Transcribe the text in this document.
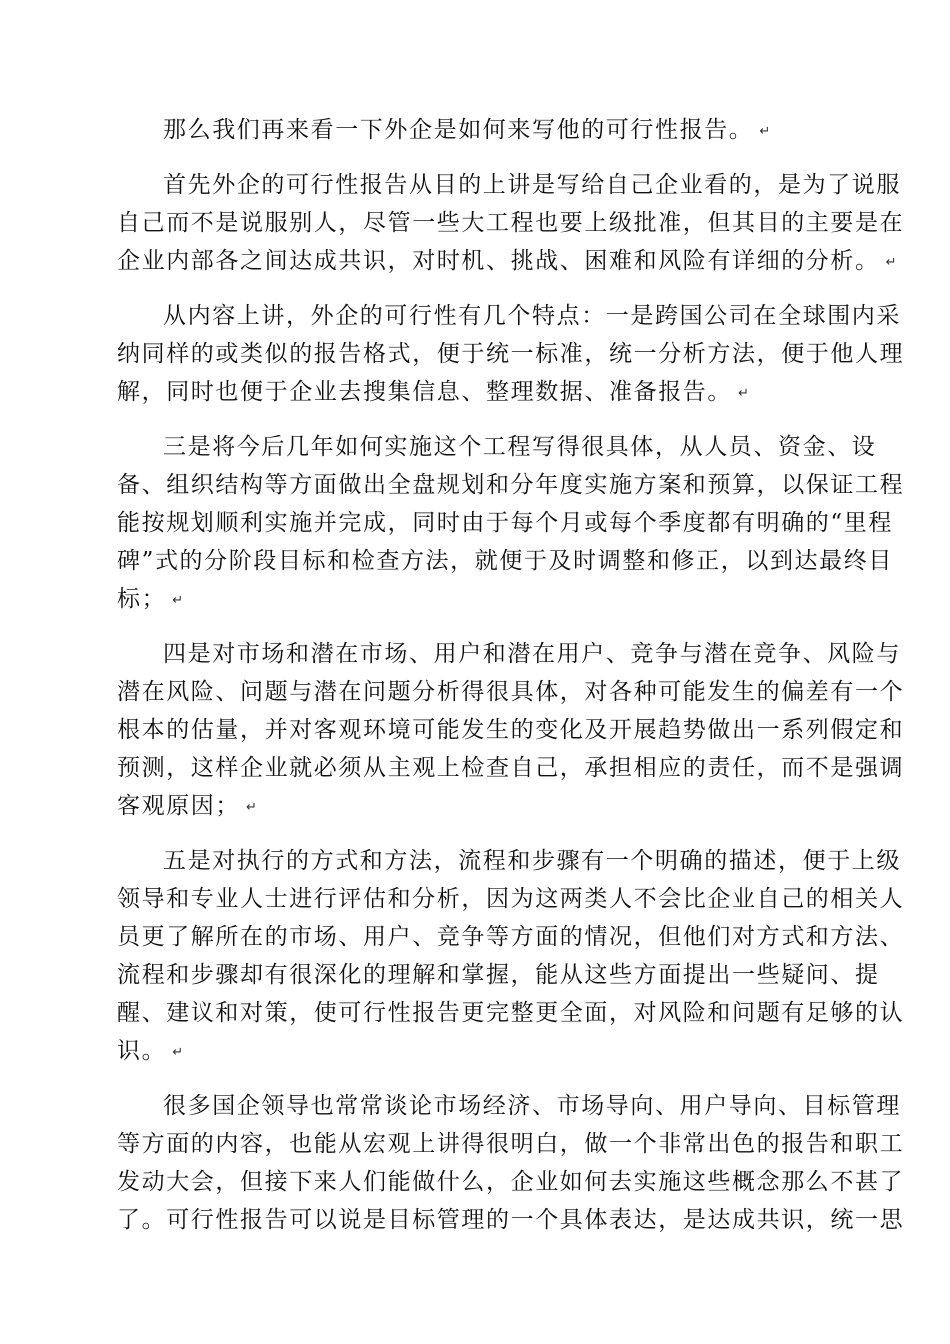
那么我们再来看一下外企是如何来写他的可行性报告。 ↵
首先外企的可行性报告从目的上讲是写给自己企业看的，是为了说服
自己而不是说服别人，尽管一些大工程也要上级批准，但其目的主要是在
企业内部各之间达成共识，对时机、挑战、困难和风险有详细的分析。 ↵
从内容上讲，外企的可行性有几个特点：一是跨国公司在全球围内采
纳同样的或类似的报告格式，便于统一标准，统一分析方法，便于他人理
解，同时也便于企业去搜集信息、整理数据、准备报告。 ↵
三是将今后几年如何实施这个工程写得很具体，从人员、资金、设
备、组织结构等方面做出全盘规划和分年度实施方案和预算，以保证工程
能按规划顺利实施并完成，同时由于每个月或每个季度都有明确的“里程
碑”式的分阶段目标和检查方法，就便于及时调整和修正，以到达最终目
标； ↵
四是对市场和潜在市场、用户和潜在用户、竞争与潜在竞争、风险与
潜在风险、问题与潜在问题分析得很具体，对各种可能发生的偏差有一个
根本的估量，并对客观环境可能发生的变化及开展趋势做出一系列假定和
预测，这样企业就必须从主观上检查自己，承担相应的责任，而不是强调
客观原因； ↵
五是对执行的方式和方法，流程和步骤有一个明确的描述，便于上级
领导和专业人士进行评估和分析，因为这两类人不会比企业自己的相关人
员更了解所在的市场、用户、竞争等方面的情况，但他们对方式和方法、
流程和步骤却有很深化的理解和掌握，能从这些方面提出一些疑问、提
醒、建议和对策，使可行性报告更完整更全面，对风险和问题有足够的认
识。 ↵
很多国企领导也常常谈论市场经济、市场导向、用户导向、目标管理
等方面的内容，也能从宏观上讲得很明白，做一个非常出色的报告和职工
发动大会，但接下来人们能做什么，企业如何去实施这些概念那么不甚了
了。可行性报告可以说是目标管理的一个具体表达，是达成共识，统一思
